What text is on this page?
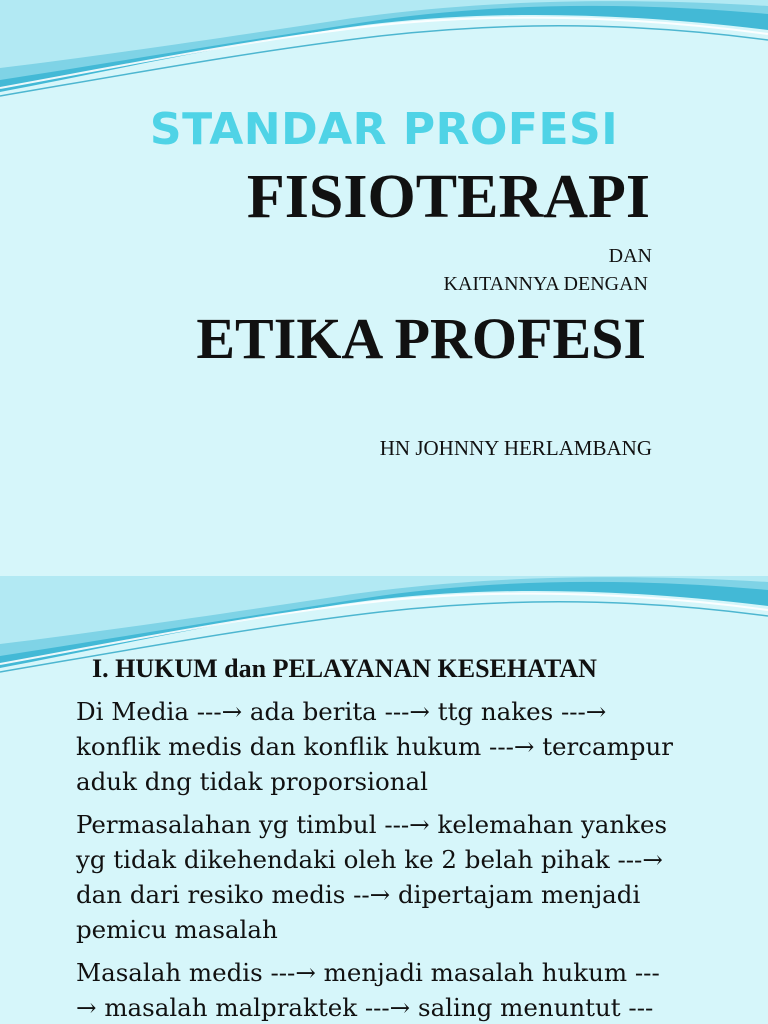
STANDAR PROFESI
FISIOTERAPI

DAN

KAITANNYA DENGAN

ETIKA PROFESI

HN JOHNNY HERLAMBANG

I. HUKUM dan PELAYANAN KESEHATAN

Di Media ---→ ada berita ---→ ttg nakes ---→
konflik medis dan konflik hukum ---→ tercampur
aduk dng tidak proporsional

Permasalahan yg timbul ---→ kelemahan yankes
yg tidak dikehendaki oleh ke 2 belah pihak ---→
dan dari resiko medis --→ dipertajam menjadi
pemicu masalah

Masalah medis ---→ menjadi masalah hukum ---
→ masalah malpraktek ---→ saling menuntut ---
